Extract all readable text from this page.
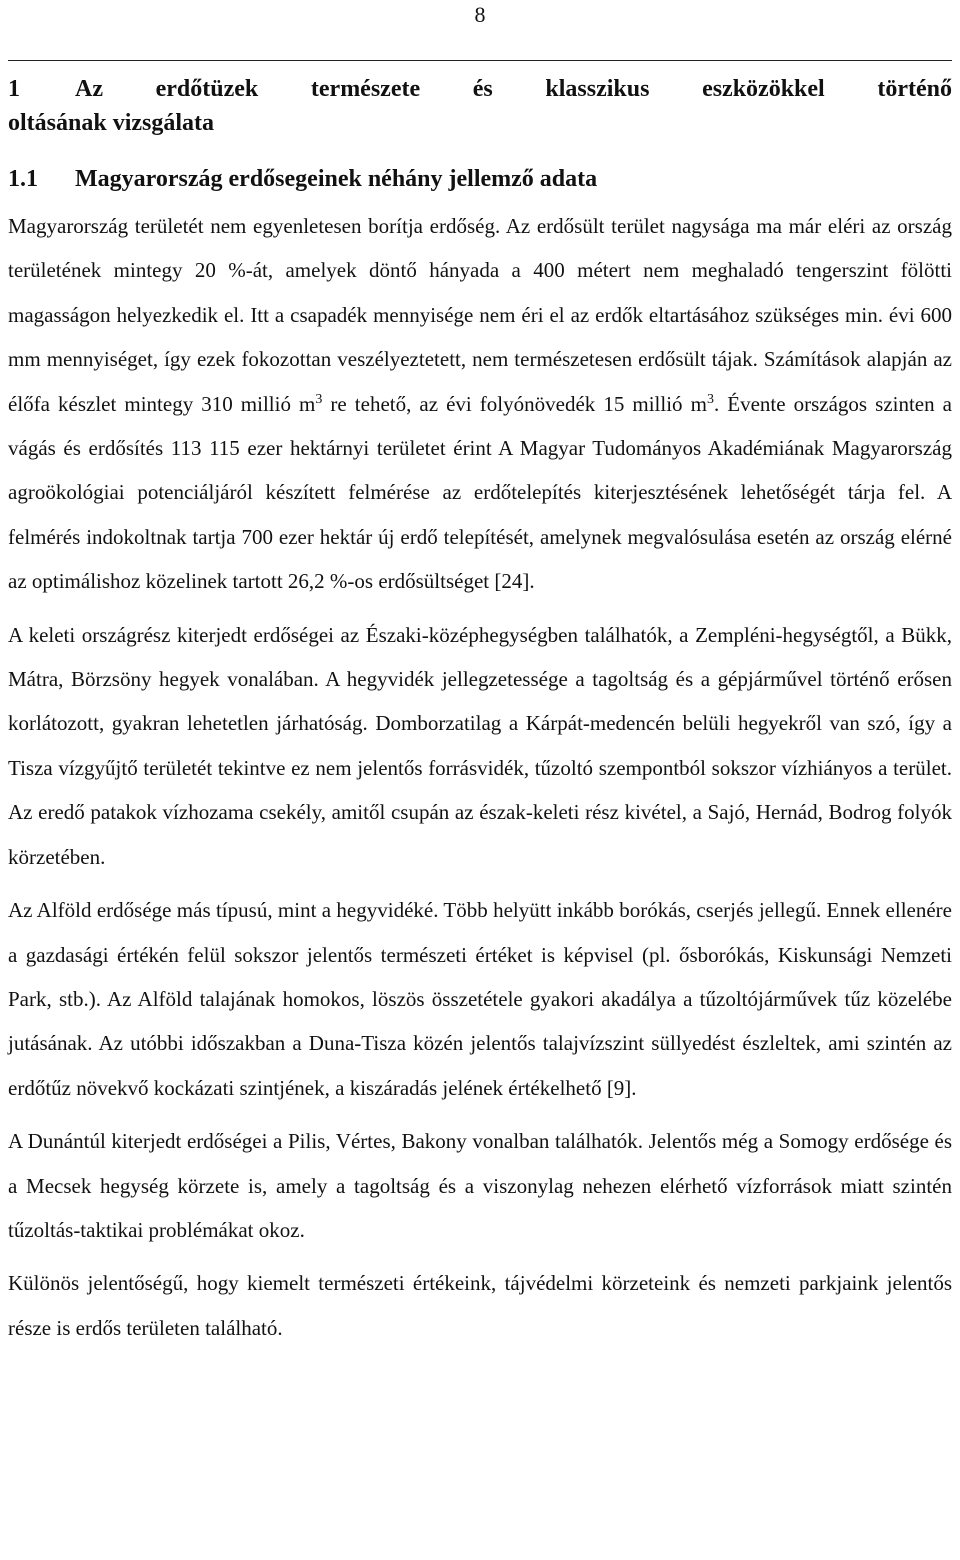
8
1	Az erdőtüzek természete és klasszikus eszközökkel történő
oltásának vizsgálata
1.1	Magyarország erdősegeinek néhány jellemző adata

Magyarország területét nem egyenletesen borítja erdőség. Az erdősült terület nagysága ma már eléri az ország területének mintegy 20 %-át, amelyek döntő hányada a 400 métert nem meghaladó tengerszint fölötti magasságon helyezkedik el. Itt a csapadék mennyisége nem éri el az erdők eltartásához szükséges min. évi 600 mm mennyiséget, így ezek fokozottan veszélyeztetett, nem természetesen erdősült tájak. Számítások alapján az élőfa készlet mintegy 310 millió $m^3$ re tehető, az évi folyónövedék 15 millió $m^3$. Évente országos szinten a vágás és erdősítés 113 115 ezer hektárnyi területet érint A Magyar Tudományos Akadémiának Magyarország agroökológiai potenciáljáról készített felmérése az erdőtelepítés kiterjesztésének lehetőségét tárja fel. A felmérés indokoltnak tartja 700 ezer hektár új erdő telepítését, amelynek megvalósulása esetén az ország elérné az optimálishoz közelinek tartott 26,2 %-os erdősültséget [24].

A keleti országrész kiterjedt erdőségei az Északi-középhegységben találhatók, a Zempléni-hegységtől, a Bükk, Mátra, Börzsöny hegyek vonalában. A hegyvidék jellegzetessége a tagoltság és a gépjárművel történő erősen korlátozott, gyakran lehetetlen járhatóság. Domborzatilag a Kárpát-medencén belüli hegyekről van szó, így a Tisza vízgyűjtő területét tekintve ez nem jelentős forrásvidék, tűzoltó szempontból sokszor vízhiányos a terület. Az eredő patakok vízhozama csekély, amitől csupán az észak-keleti rész kivétel, a Sajó, Hernád, Bodrog folyók körzetében.

Az Alföld erdősége más típusú, mint a hegyvidéké. Több helyütt inkább borókás, cserjés jellegű. Ennek ellenére a gazdasági értékén felül sokszor jelentős természeti értéket is képvisel (pl. ősborókás, Kiskunsági Nemzeti Park, stb.). Az Alföld talajának homokos, löszös összetétele gyakori akadálya a tűzoltójárművek tűz közelébe jutásának. Az utóbbi időszakban a Duna-Tisza közén jelentős talajvízszint süllyedést észleltek, ami szintén az erdőtűz növekvő kockázati szintjének, a kiszáradás jelének értékelhető [9].

A Dunántúl kiterjedt erdőségei a Pilis, Vértes, Bakony vonalban találhatók. Jelentős még a Somogy erdősége és a Mecsek hegység körzete is, amely a tagoltság és a viszonylag nehezen elérhető vízforrások miatt szintén tűzoltás-taktikai problémákat okoz.

Különös jelentőségű, hogy kiemelt természeti értékeink, tájvédelmi körzeteink és nemzeti parkjaink jelentős része is erdős területen található.
